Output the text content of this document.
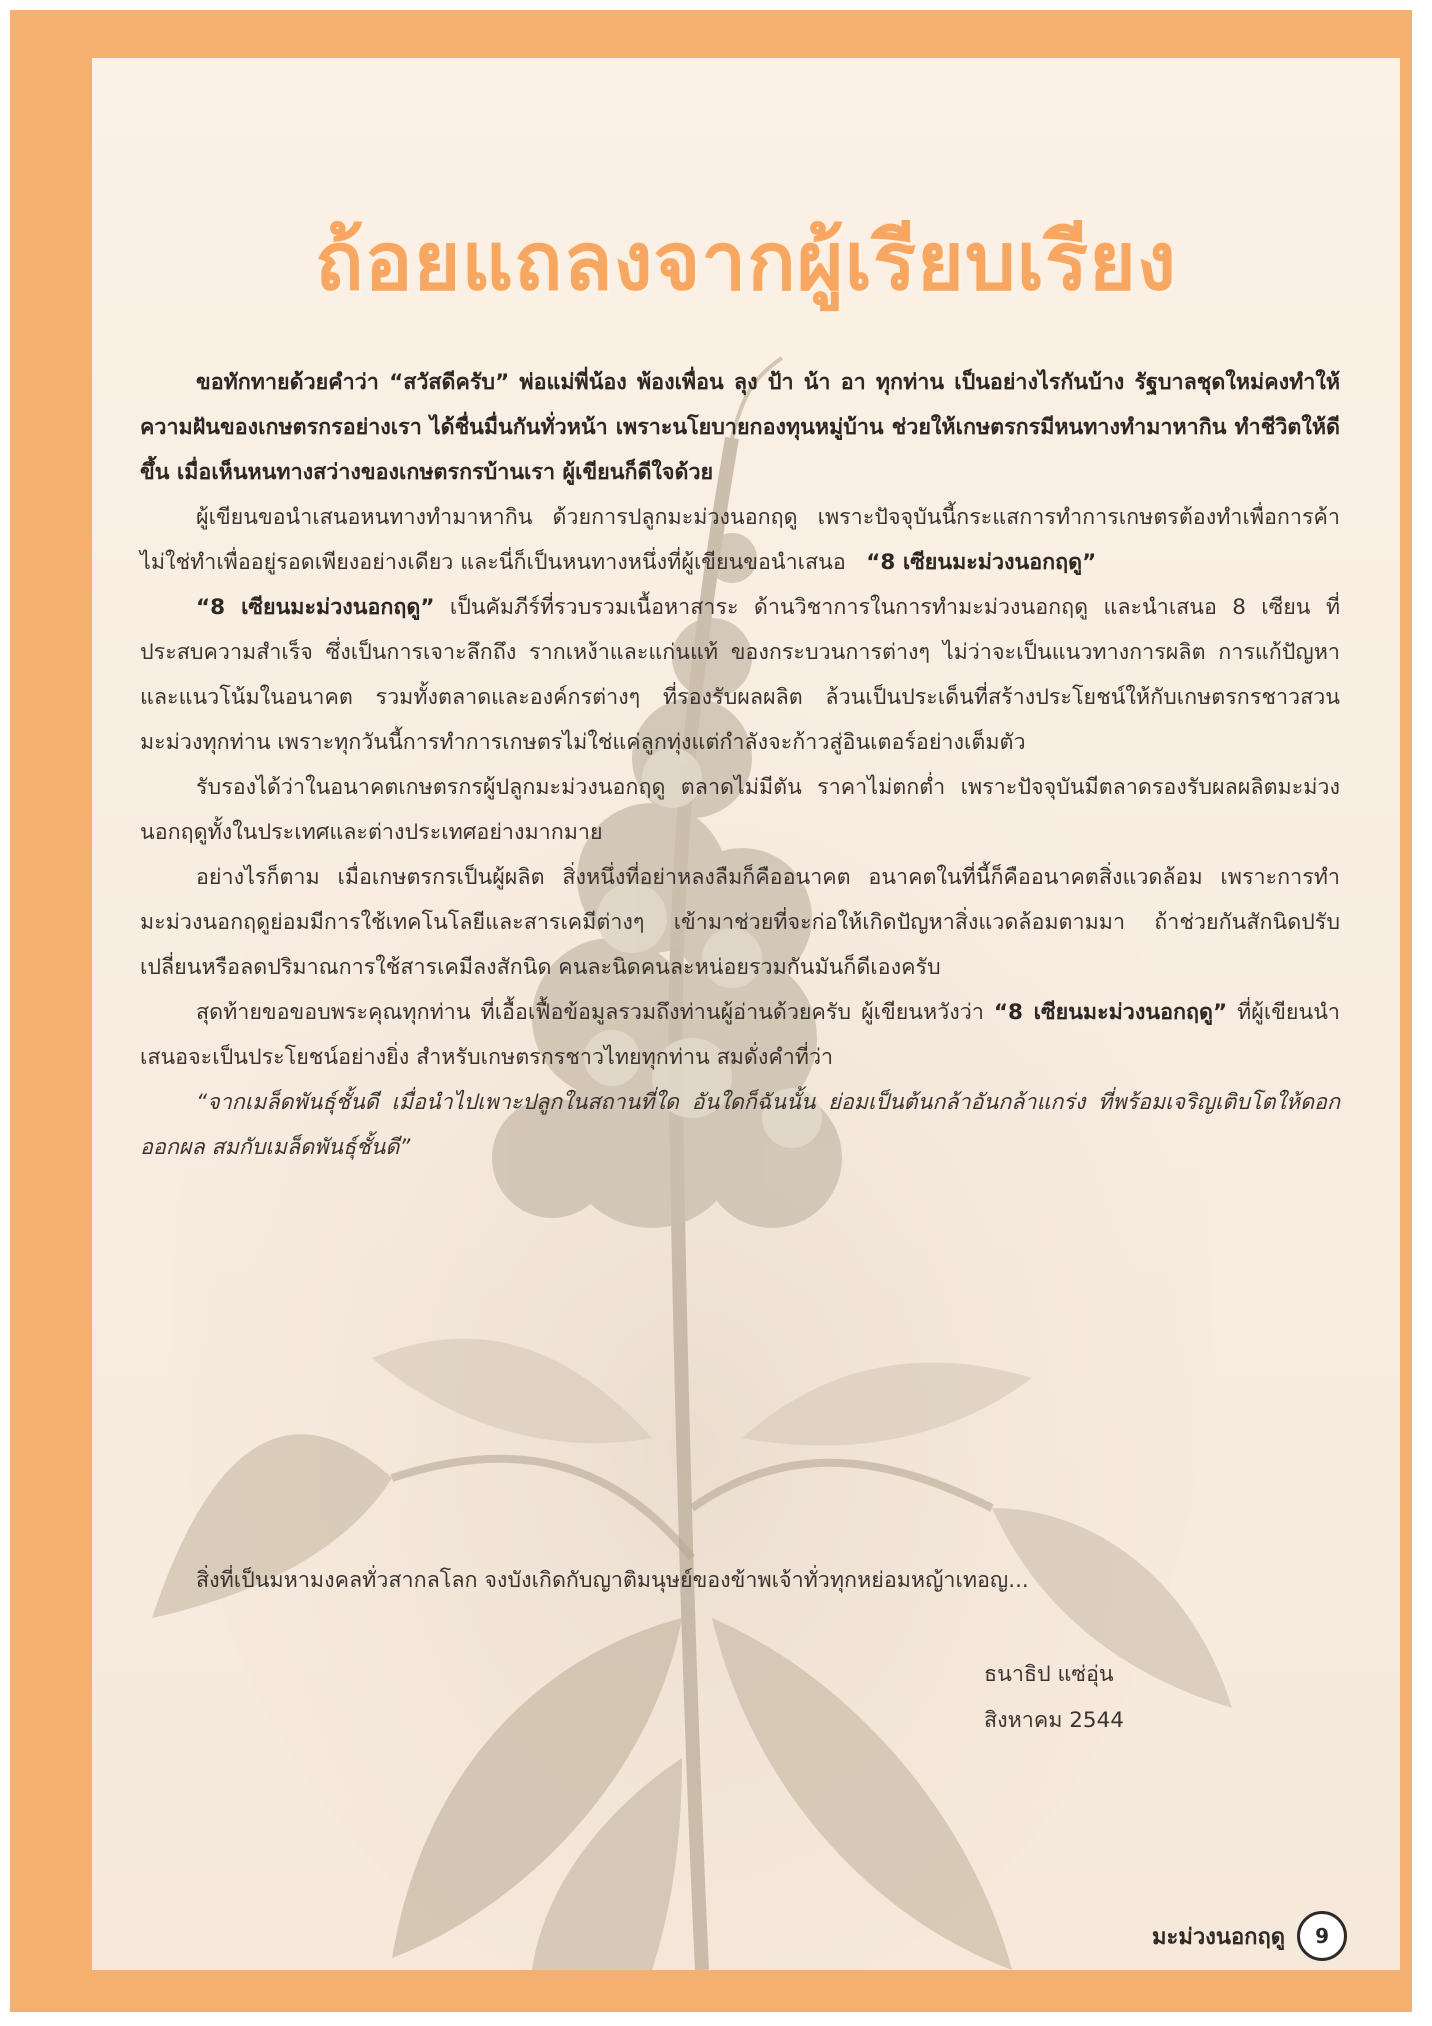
ถ้อยแถลงจากผู้เรียบเรียง

ขอทักทายด้วยคำว่า “สวัสดีครับ” พ่อแม่พี่น้อง พ้องเพื่อน ลุง ป้า น้า อา ทุกท่าน เป็นอย่างไรกันบ้าง รัฐบาลชุดใหม่คงทำให้ความฝันของเกษตรกรอย่างเรา ได้ชื่นมื่นกันทั่วหน้า เพราะนโยบายกองทุนหมู่บ้าน ช่วยให้เกษตรกรมีหนทางทำมาหากิน ทำชีวิตให้ดีขึ้น เมื่อเห็นหนทางสว่างของเกษตรกรบ้านเรา ผู้เขียนก็ดีใจด้วย

ผู้เขียนขอนำเสนอหนทางทำมาหากิน ด้วยการปลูกมะม่วงนอกฤดู เพราะปัจจุบันนี้กระแสการทำการเกษตรต้องทำเพื่อการค้าไม่ใช่ทำเพื่ออยู่รอดเพียงอย่างเดียว และนี่ก็เป็นหนทางหนึ่งที่ผู้เขียนขอนำเสนอ “8 เซียนมะม่วงนอกฤดู”

“8 เซียนมะม่วงนอกฤดู” เป็นคัมภีร์ที่รวบรวมเนื้อหาสาระ ด้านวิชาการในการทำมะม่วงนอกฤดู และนำเสนอ 8 เซียน ที่ประสบความสำเร็จ ซึ่งเป็นการเจาะลึกถึง รากเหง้าและแก่นแท้ ของกระบวนการต่างๆ ไม่ว่าจะเป็นแนวทางการผลิต การแก้ปัญหา และแนวโน้มในอนาคต รวมทั้งตลาดและองค์กรต่างๆ ที่รองรับผลผลิต ล้วนเป็นประเด็นที่สร้างประโยชน์ให้กับเกษตรกรชาวสวนมะม่วงทุกท่าน เพราะทุกวันนี้การทำการเกษตรไม่ใช่แค่ลูกทุ่งแต่กำลังจะก้าวสู่อินเตอร์อย่างเต็มตัว

รับรองได้ว่าในอนาคตเกษตรกรผู้ปลูกมะม่วงนอกฤดู ตลาดไม่มีตัน ราคาไม่ตกต่ำ เพราะปัจจุบันมีตลาดรองรับผลผลิตมะม่วงนอกฤดูทั้งในประเทศและต่างประเทศอย่างมากมาย

อย่างไรก็ตาม เมื่อเกษตรกรเป็นผู้ผลิต สิ่งหนึ่งที่อย่าหลงลืมก็คืออนาคต อนาคตในที่นี้ก็คืออนาคตสิ่งแวดล้อม เพราะการทำมะม่วงนอกฤดูย่อมมีการใช้เทคโนโลยีและสารเคมีต่างๆ เข้ามาช่วยที่จะก่อให้เกิดปัญหาสิ่งแวดล้อมตามมา ถ้าช่วยกันสักนิดปรับเปลี่ยนหรือลดปริมาณการใช้สารเคมีลงสักนิด คนละนิดคนละหน่อยรวมกันมันก็ดีเองครับ

สุดท้ายขอขอบพระคุณทุกท่าน ที่เอื้อเฟื้อข้อมูลรวมถึงท่านผู้อ่านด้วยครับ ผู้เขียนหวังว่า “8 เซียนมะม่วงนอกฤดู” ที่ผู้เขียนนำเสนอจะเป็นประโยชน์อย่างยิ่ง สำหรับเกษตรกรชาวไทยทุกท่าน สมดั่งคำที่ว่า

“จากเมล็ดพันธุ์ชั้นดี เมื่อนำไปเพาะปลูกในสถานที่ใด อันใดก็ฉันนั้น ย่อมเป็นต้นกล้าอันกล้าแกร่ง ที่พร้อมเจริญเติบโตให้ดอกออกผล สมกับเมล็ดพันธุ์ชั้นดี”

สิ่งที่เป็นมหามงคลทั่วสากลโลก จงบังเกิดกับญาติมนุษย์ของข้าพเจ้าทั่วทุกหย่อมหญ้าเทอญ...
ธนาธิป แซ่อุ่น
สิงหาคม 2544
มะม่วงนอกฤดู	9
